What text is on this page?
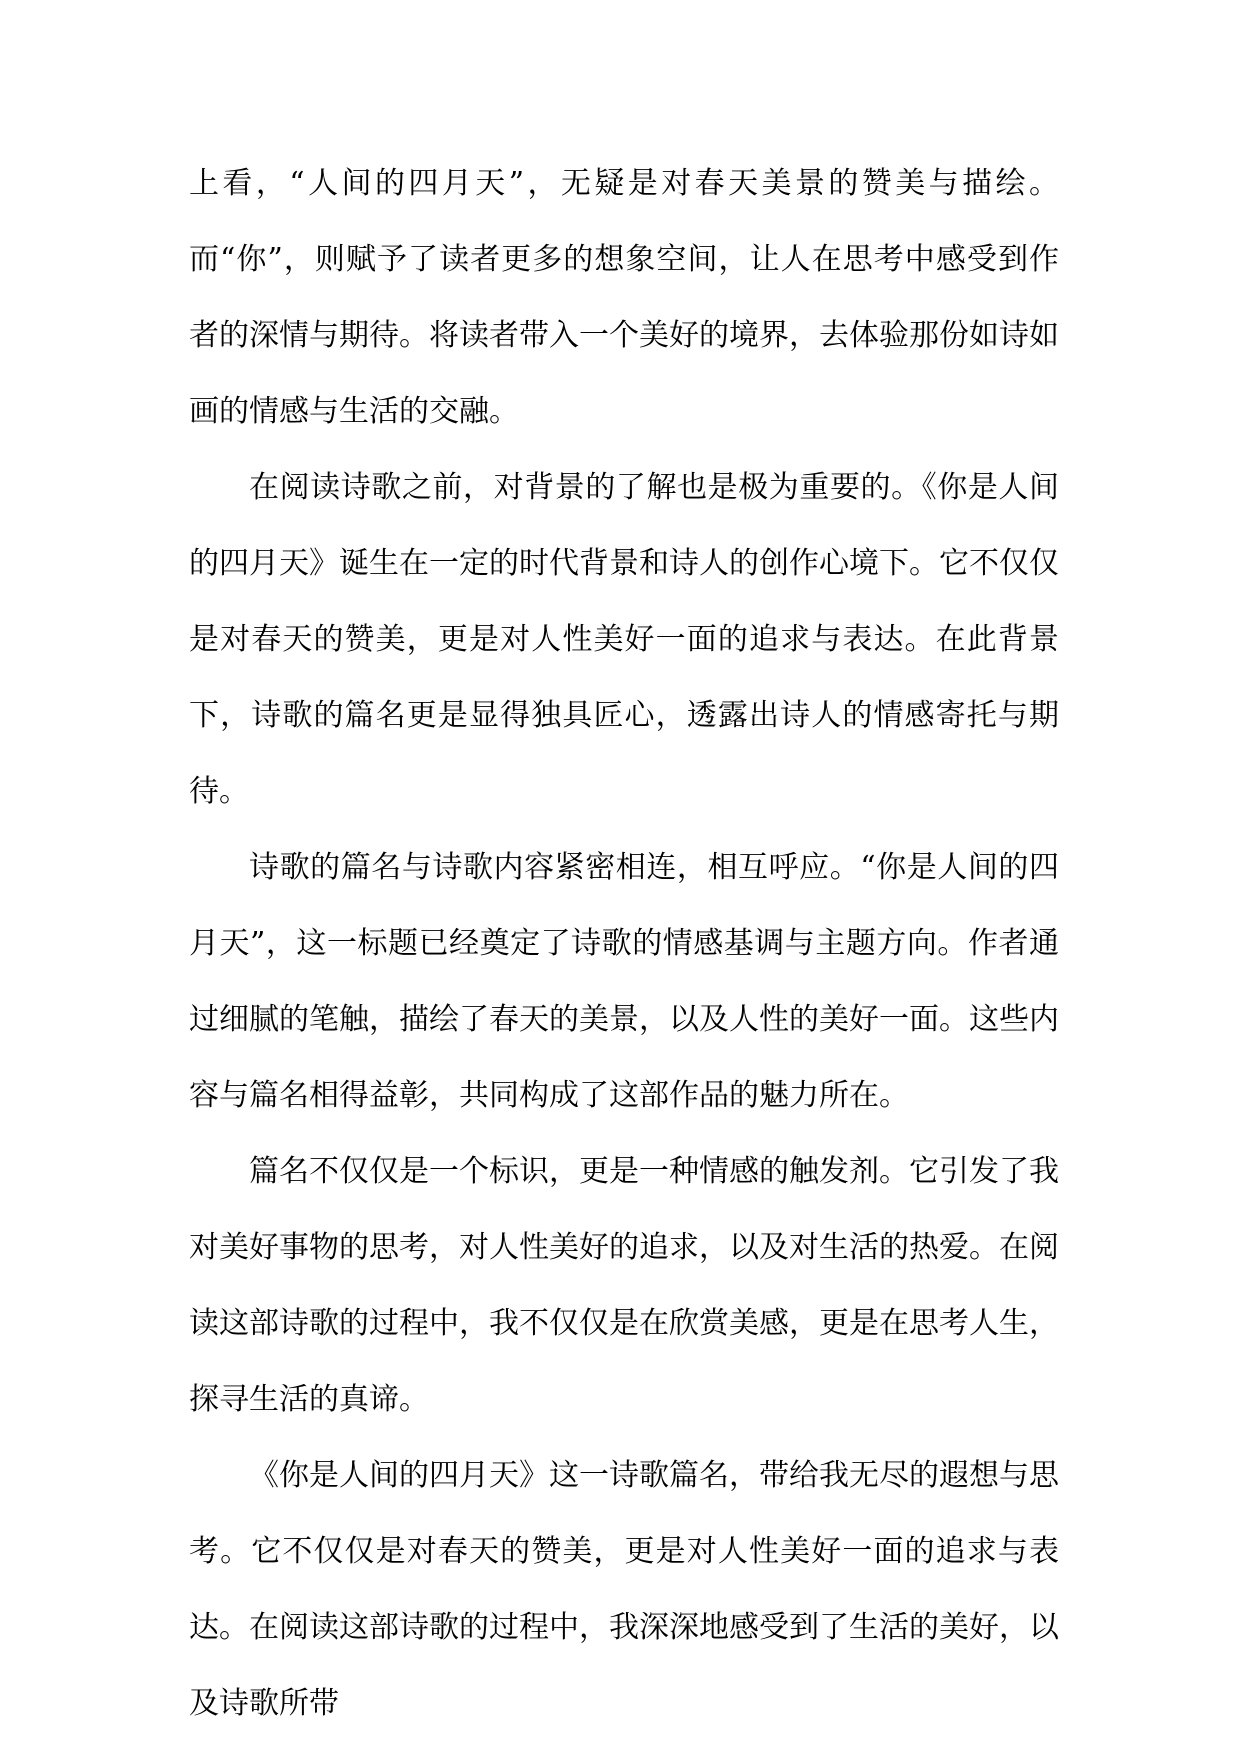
上看，“人间的四月天”，无疑是对春天美景的赞美与描绘。而“你”，则赋予了读者更多的想象空间，让人在思考中感受到作者的深情与期待。将读者带入一个美好的境界，去体验那份如诗如画的情感与生活的交融。

在阅读诗歌之前，对背景的了解也是极为重要的。《你是人间的四月天》诞生在一定的时代背景和诗人的创作心境下。它不仅仅是对春天的赞美，更是对人性美好一面的追求与表达。在此背景下，诗歌的篇名更是显得独具匠心，透露出诗人的情感寄托与期待。

诗歌的篇名与诗歌内容紧密相连，相互呼应。“你是人间的四月天”，这一标题已经奠定了诗歌的情感基调与主题方向。作者通过细腻的笔触，描绘了春天的美景，以及人性的美好一面。这些内容与篇名相得益彰，共同构成了这部作品的魅力所在。

篇名不仅仅是一个标识，更是一种情感的触发剂。它引发了我对美好事物的思考，对人性美好的追求，以及对生活的热爱。在阅读这部诗歌的过程中，我不仅仅是在欣赏美感，更是在思考人生，探寻生活的真谛。

《你是人间的四月天》这一诗歌篇名，带给我无尽的遐想与思考。它不仅仅是对春天的赞美，更是对人性美好一面的追求与表达。在阅读这部诗歌的过程中，我深深地感受到了生活的美好，以及诗歌所带
